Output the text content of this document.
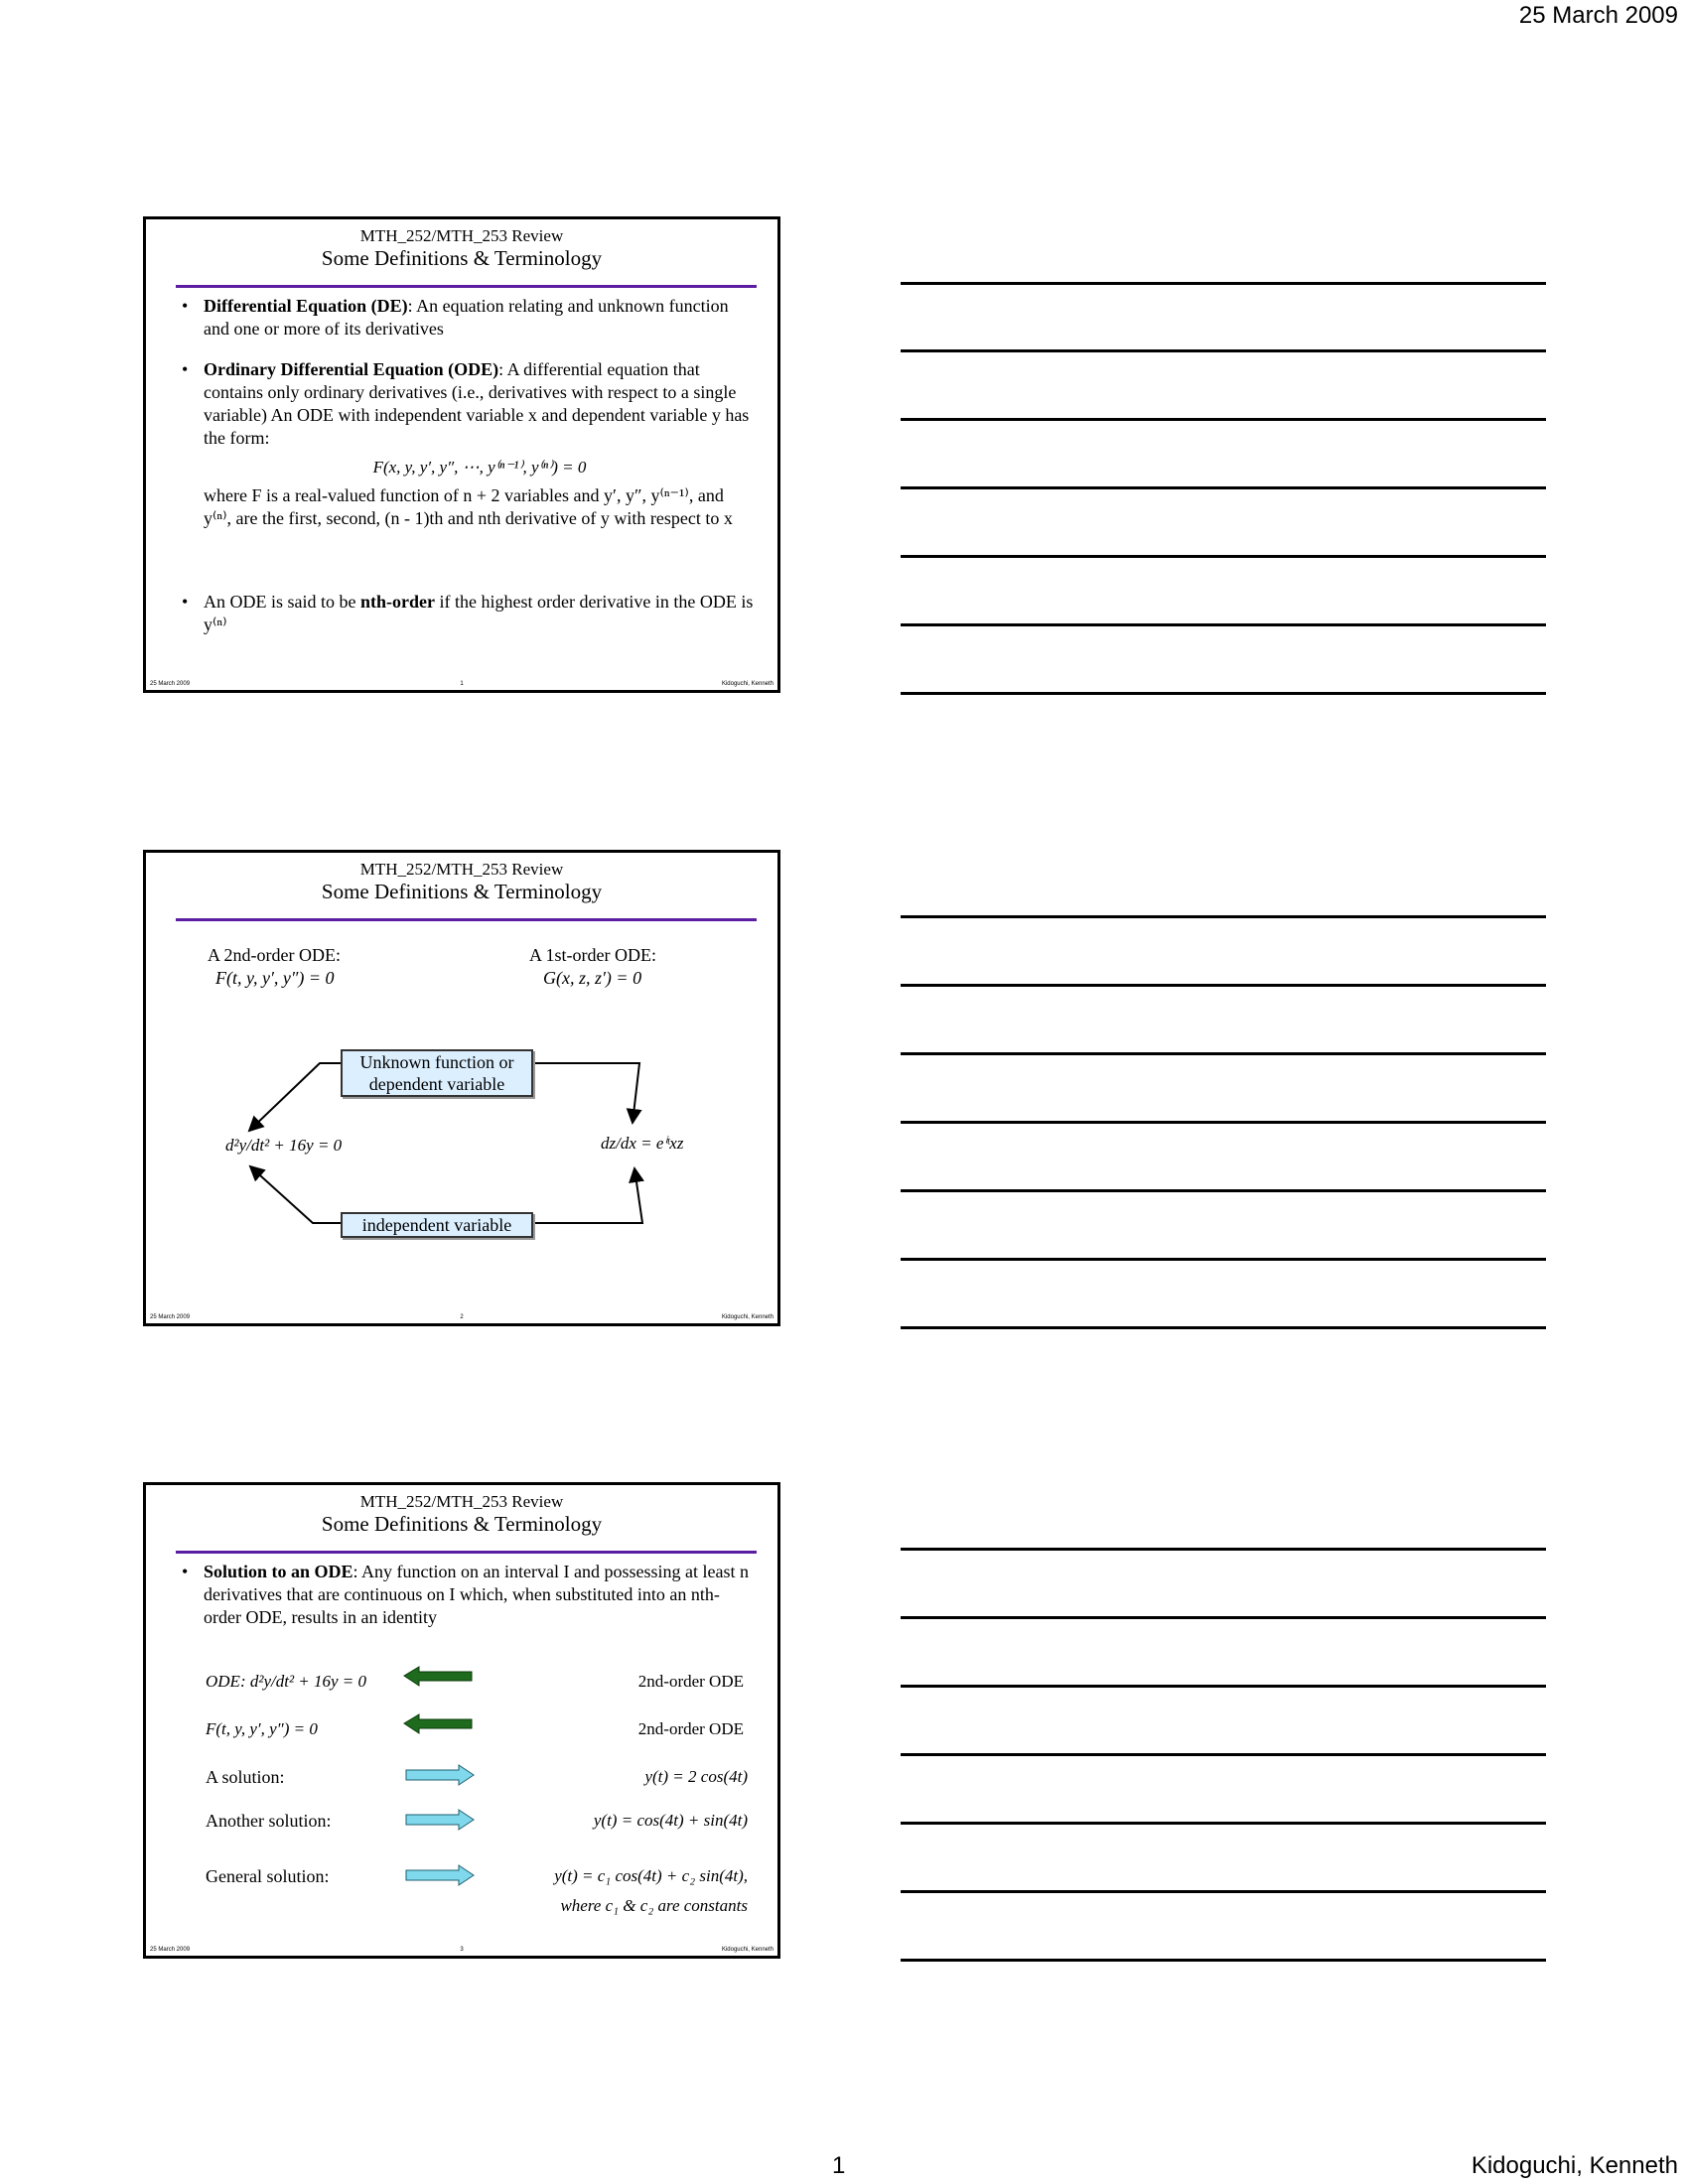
25 March 2009
MTH_252/MTH_253 Review
Some Definitions & Terminology
• Differential Equation (DE): An equation relating and unknown function and one or more of its derivatives
• Ordinary Differential Equation (ODE): A differential equation that contains only ordinary derivatives (i.e., derivatives with respect to a single variable) An ODE with independent variable x and dependent variable y has the form:
F(x, y, y′, y″, ⋯, y⁽ⁿ⁻¹⁾, y⁽ⁿ⁾) = 0
where F is a real-valued function of n + 2 variables and y′, y″, y⁽ⁿ⁻¹⁾, and y⁽ⁿ⁾, are the first, second, (n - 1)th and nth derivative of y with respect to x
• An ODE is said to be nth-order if the highest order derivative in the ODE is y⁽ⁿ⁾
25 March 2009	1	Kidoguchi, Kenneth
MTH_252/MTH_253 Review
Some Definitions & Terminology
A 2nd-order ODE:
F(t, y, y′, y″) = 0
A 1st-order ODE:
G(x, z, z′) = 0
Unknown function or dependent variable
independent variable
d²y/dt² + 16y = 0	dz/dx = eⁱᵗxz
25 March 2009	2	Kidoguchi, Kenneth
MTH_252/MTH_253 Review
Some Definitions & Terminology
• Solution to an ODE: Any function on an interval I and possessing at least n derivatives that are continuous on I which, when substituted into an nth-order ODE, results in an identity
ODE: d²y/dt² + 16y = 0	2nd-order ODE
F(t, y, y′, y″) = 0	2nd-order ODE
A solution:	y(t) = 2 cos(4t)
Another solution:	y(t) = cos(4t) + sin(4t)
General solution:	y(t) = c₁ cos(4t) + c₂ sin(4t),
where c₁ & c₂ are constants
25 March 2009	3	Kidoguchi, Kenneth
1	Kidoguchi, Kenneth
